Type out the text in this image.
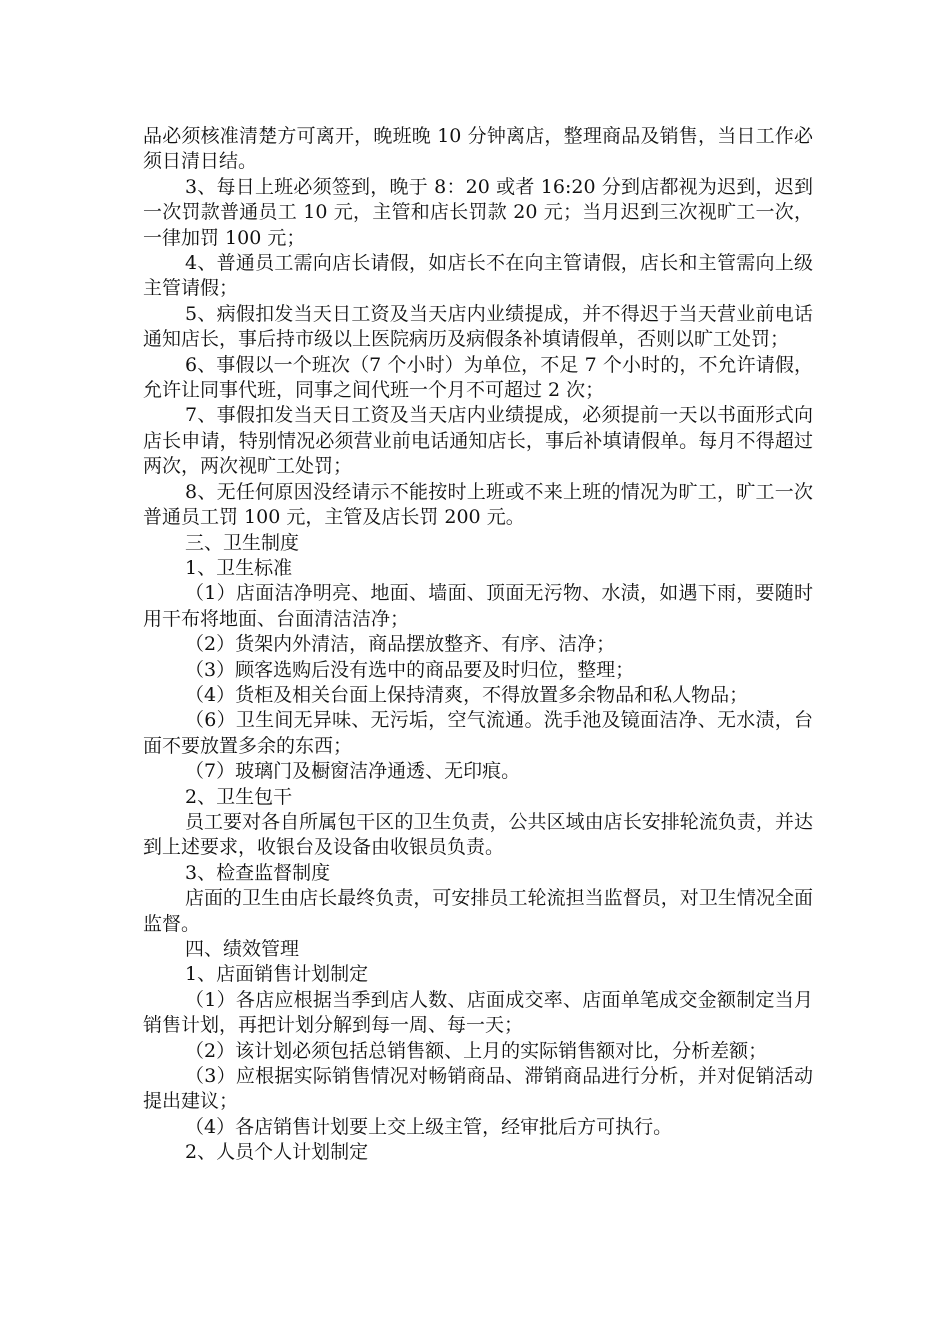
品必须核准清楚方可离开，晚班晚 10 分钟离店，整理商品及销售，当日工作必须日清日结。

3、每日上班必须签到，晚于 8：20 或者 16:20 分到店都视为迟到，迟到一次罚款普通员工 10 元，主管和店长罚款 20 元；当月迟到三次视旷工一次，一律加罚 100 元；

4、普通员工需向店长请假，如店长不在向主管请假，店长和主管需向上级主管请假；

5、病假扣发当天日工资及当天店内业绩提成，并不得迟于当天营业前电话通知店长，事后持市级以上医院病历及病假条补填请假单，否则以旷工处罚；

6、事假以一个班次（7 个小时）为单位，不足 7 个小时的，不允许请假，允许让同事代班，同事之间代班一个月不可超过 2 次；

7、事假扣发当天日工资及当天店内业绩提成，必须提前一天以书面形式向店长申请，特别情况必须营业前电话通知店长，事后补填请假单。每月不得超过两次，两次视旷工处罚；

8、无任何原因没经请示不能按时上班或不来上班的情况为旷工，旷工一次普通员工罚 100 元，主管及店长罚 200 元。

三、卫生制度

1、卫生标准

（1）店面洁净明亮、地面、墙面、顶面无污物、水渍，如遇下雨，要随时用干布将地面、台面清洁洁净；

（2）货架内外清洁，商品摆放整齐、有序、洁净；

（3）顾客选购后没有选中的商品要及时归位，整理；

（4）货柜及相关台面上保持清爽，不得放置多余物品和私人物品；

（6）卫生间无异味、无污垢，空气流通。洗手池及镜面洁净、无水渍，台面不要放置多余的东西；

（7）玻璃门及橱窗洁净通透、无印痕。

2、卫生包干

员工要对各自所属包干区的卫生负责，公共区域由店长安排轮流负责，并达到上述要求，收银台及设备由收银员负责。

3、检查监督制度

店面的卫生由店长最终负责，可安排员工轮流担当监督员，对卫生情况全面监督。

四、绩效管理

1、店面销售计划制定

（1）各店应根据当季到店人数、店面成交率、店面单笔成交金额制定当月销售计划，再把计划分解到每一周、每一天；

（2）该计划必须包括总销售额、上月的实际销售额对比，分析差额；

（3）应根据实际销售情况对畅销商品、滞销商品进行分析，并对促销活动提出建议；

（4）各店销售计划要上交上级主管，经审批后方可执行。

2、人员个人计划制定
